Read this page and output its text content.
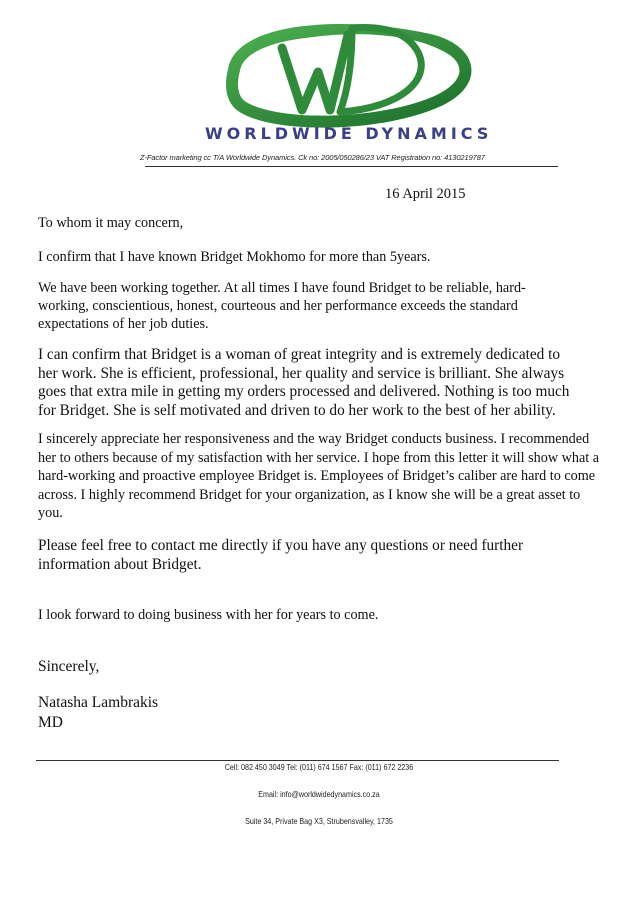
WORLDWIDE DYNAMICS
Z-Factor marketing cc T/A Worldwide Dynamics. Ck no: 2005/050286/23 VAT Registration no: 4130219787
16 April 2015

To whom it may concern,

I confirm that I have known Bridget Mokhomo for more than 5years.

We have been working together. At all times I have found Bridget to be reliable, hard-working, conscientious, honest, courteous and her performance exceeds the standard expectations of her job duties.

I can confirm that Bridget is a woman of great integrity and is extremely dedicated to her work. She is efficient, professional, her quality and service is brilliant. She always goes that extra mile in getting my orders processed and delivered. Nothing is too much for Bridget. She is self motivated and driven to do her work to the best of her ability.

I sincerely appreciate her responsiveness and the way Bridget conducts business. I recommended her to others because of my satisfaction with her service. I hope from this letter it will show what a hard-working and proactive employee Bridget is. Employees of Bridget’s caliber are hard to come across. I highly recommend Bridget for your organization, as I know she will be a great asset to you.

Please feel free to contact me directly if you have any questions or need further information about Bridget.

I look forward to doing business with her for years to come.

Sincerely,

Natasha Lambrakis

MD

Cell: 082 450 3049 Tel: (011) 674 1567 Fax: (011) 672 2236
Email: info@worldwidedynamics.co.za
Suite 34, Private Bag X3, Strubensvalley, 1735
